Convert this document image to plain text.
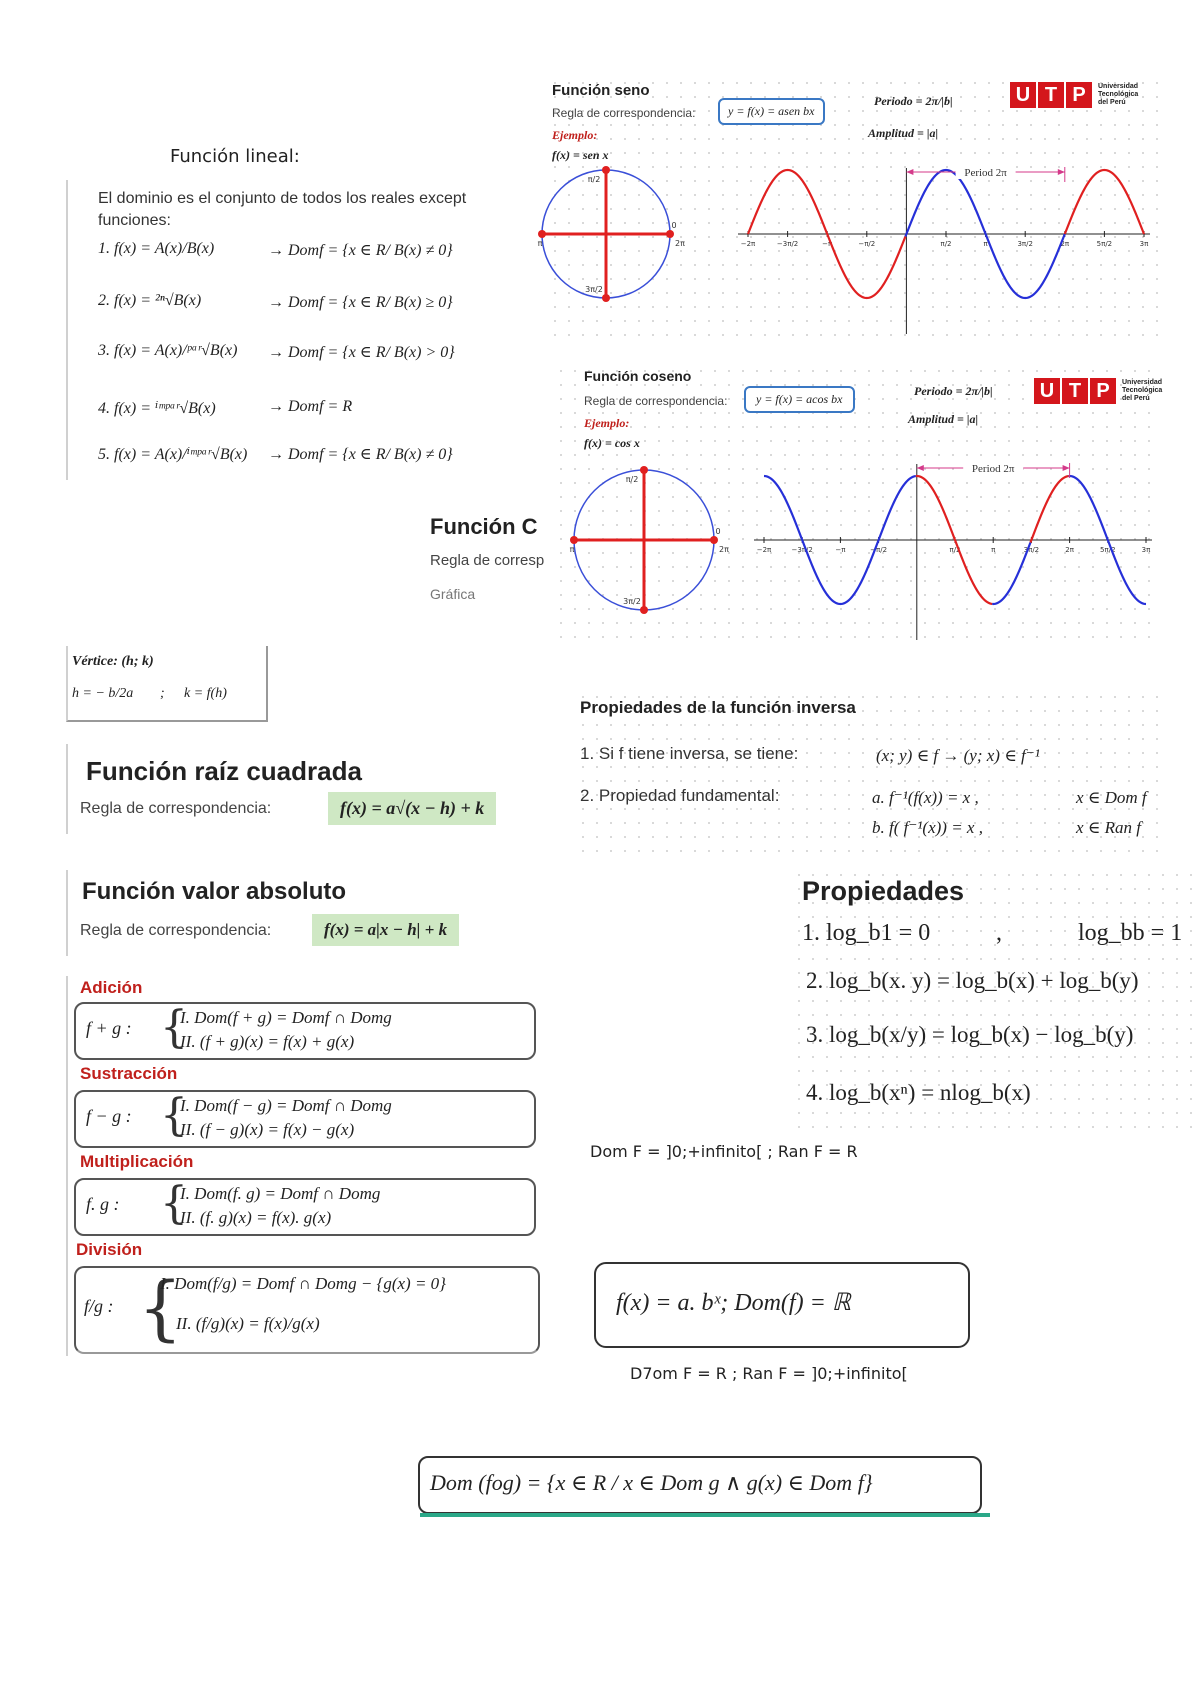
Función lineal:
El dominio es el conjunto de todos los reales except
funciones:
1. f(x) = A(x)/B(x)	→ Domf = {x ∈ R/ B(x) ≠ 0}
2. f(x) = ²ⁿ√B(x)	→ Domf = {x ∈ R/ B(x) ≥ 0}
3. f(x) = A(x)/ᵖᵃʳ√B(x) → Domf = {x ∈ R/ B(x) > 0}
4. f(x) = ⁱᵐᵖᵃʳ√B(x)	→ Domf = R
5. f(x) = A(x)/ⁱᵐᵖᵃʳ√B(x) → Domf = {x ∈ R/ B(x) ≠ 0}
Función seno
Regla de correspondencia:	y = f(x) = asen bx
Ejemplo:
f(x) = sen x
Periodo = 2π/|b|
Amplitud = |a|
U T P	Universidad
Tecnológica
del Perú
π/2
0
π	2π
3π/2
−2π	−3π/2	−π	−π/2	π/2	π	3π/2	2π	5π/2	3π
Period 2π
Función coseno
Regla de correspondencia:	y = f(x) = acos bx
Ejemplo:
f(x) = cos x
Periodo = 2π/|b|
Amplitud = |a|
U T P	Universidad
Tecnológica
del Perú
π/2
0
π	2π
3π/2
−2π	−3π/2	−π	−π/2	π/2	π	3π/2	2π	5π/2	3π
Period 2π
Función C
Regla de corresp
Gráfica
Vértice: (h; k)
h = − b/2a ; k = f(h)
Propiedades de la función inversa
1. Si f tiene inversa, se tiene:	(x; y) ∈ f → (y; x) ∈ f⁻¹
2. Propiedad fundamental:	a. f⁻¹(f(x)) = x ,	x ∈ Dom f
b. f( f⁻¹(x)) = x ,	x ∈ Ran f
Función raíz cuadrada
Regla de correspondencia:	f(x) = a√(x − h) + k
Función valor absoluto
Regla de correspondencia:	f(x) = a|x − h| + k
Propiedades
1. log_b1 = 0	,	log_bb = 1
2. log_b(x. y) = log_b(x) + log_b(y)
3. log_b(x/y) = log_b(x) − log_b(y)
4. log_b(xⁿ) = nlog_b(x)
Dom F = ]0;+infinito[ ; Ran F = R
Adición
f + g : {
I. Dom(f + g) = Domf ∩ Domg
II. (f + g)(x) = f(x) + g(x)
Sustracción
f − g : {
I. Dom(f − g) = Domf ∩ Domg
II. (f − g)(x) = f(x) − g(x)
Multiplicación
f. g : {
I. Dom(f. g) = Domf ∩ Domg
II. (f. g)(x) = f(x). g(x)
División
f/g : {
I. Dom(f/g) = Domf ∩ Domg − {g(x) = 0}
II. (f/g)(x) = f(x)/g(x)
f(x) = a. bˣ; Dom(f) = ℝ
D7om F = R ; Ran F = ]0;+infinito[
Dom (fog) = {x ∈ R / x ∈ Dom g ∧ g(x) ∈ Dom f}
